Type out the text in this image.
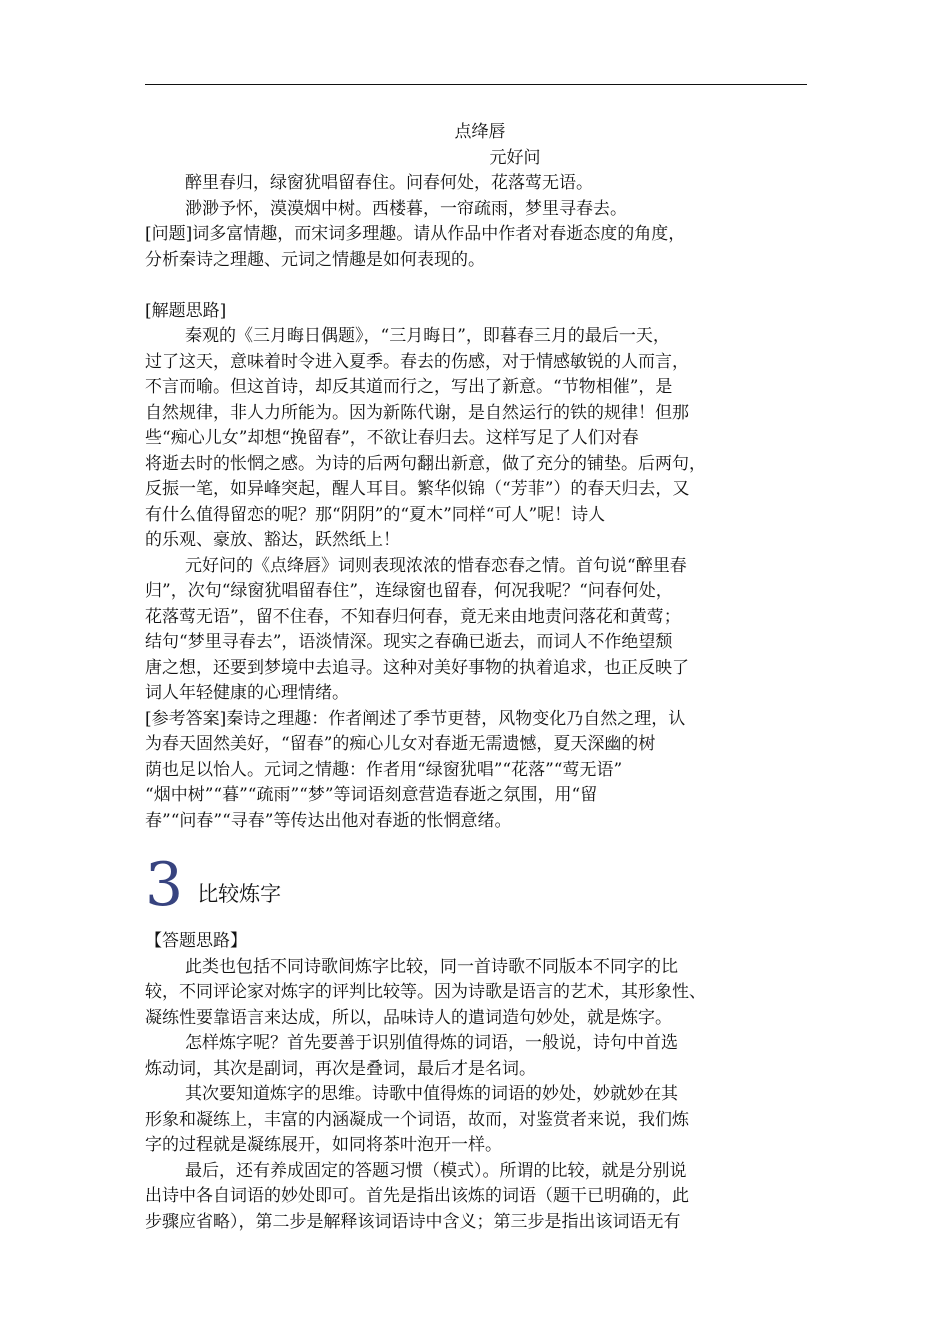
点绛唇
元好问
醉里春归，绿窗犹唱留春住。问春何处，花落莺无语。
渺渺予怀，漠漠烟中树。西楼暮，一帘疏雨，梦里寻春去。
[问题]词多富情趣，而宋词多理趣。请从作品中作者对春逝态度的角度，
分析秦诗之理趣、元词之情趣是如何表现的。
[解题思路]
秦观的《三月晦日偶题》，“三月晦日”，即暮春三月的最后一天，
过了这天，意味着时令进入夏季。春去的伤感，对于情感敏锐的人而言，
不言而喻。但这首诗，却反其道而行之，写出了新意。“节物相催”，是
自然规律，非人力所能为。因为新陈代谢，是自然运行的铁的规律！但那
些“痴心儿女”却想“挽留春”，不欲让春归去。这样写足了人们对春
将逝去时的怅惘之感。为诗的后两句翻出新意，做了充分的铺垫。后两句，
反振一笔，如异峰突起，醒人耳目。繁华似锦（“芳菲”）的春天归去，又
有什么值得留恋的呢？那“阴阴”的“夏木”同样“可人”呢！诗人
的乐观、豪放、豁达，跃然纸上！
元好问的《点绛唇》词则表现浓浓的惜春恋春之情。首句说“醉里春
归”，次句“绿窗犹唱留春住”，连绿窗也留春，何况我呢？“问春何处，
花落莺无语”，留不住春，不知春归何春，竟无来由地责问落花和黄莺；
结句“梦里寻春去”，语淡情深。现实之春确已逝去，而词人不作绝望颓
唐之想，还要到梦境中去追寻。这种对美好事物的执着追求，也正反映了
词人年轻健康的心理情绪。
[参考答案]秦诗之理趣：作者阐述了季节更替，风物变化乃自然之理，认
为春天固然美好，“留春”的痴心儿女对春逝无需遗憾，夏天深幽的树
荫也足以怡人。元词之情趣：作者用“绿窗犹唱”“花落”“莺无语”
“烟中树”“暮”“疏雨”“梦”等词语刻意营造春逝之氛围，用“留
春”“问春”“寻春”等传达出他对春逝的怅惘意绪。
3 比较炼字
【答题思路】
此类也包括不同诗歌间炼字比较，同一首诗歌不同版本不同字的比
较，不同评论家对炼字的评判比较等。因为诗歌是语言的艺术，其形象性、
凝练性要靠语言来达成，所以，品味诗人的遣词造句妙处，就是炼字。
怎样炼字呢？首先要善于识别值得炼的词语，一般说，诗句中首选
炼动词，其次是副词，再次是叠词，最后才是名词。
其次要知道炼字的思维。诗歌中值得炼的词语的妙处，妙就妙在其
形象和凝练上，丰富的内涵凝成一个词语，故而，对鉴赏者来说，我们炼
字的过程就是凝练展开，如同将茶叶泡开一样。
最后，还有养成固定的答题习惯（模式）。所谓的比较，就是分别说
出诗中各自词语的妙处即可。首先是指出该炼的词语（题干已明确的，此
步骤应省略），第二步是解释该词语诗中含义；第三步是指出该词语无有
